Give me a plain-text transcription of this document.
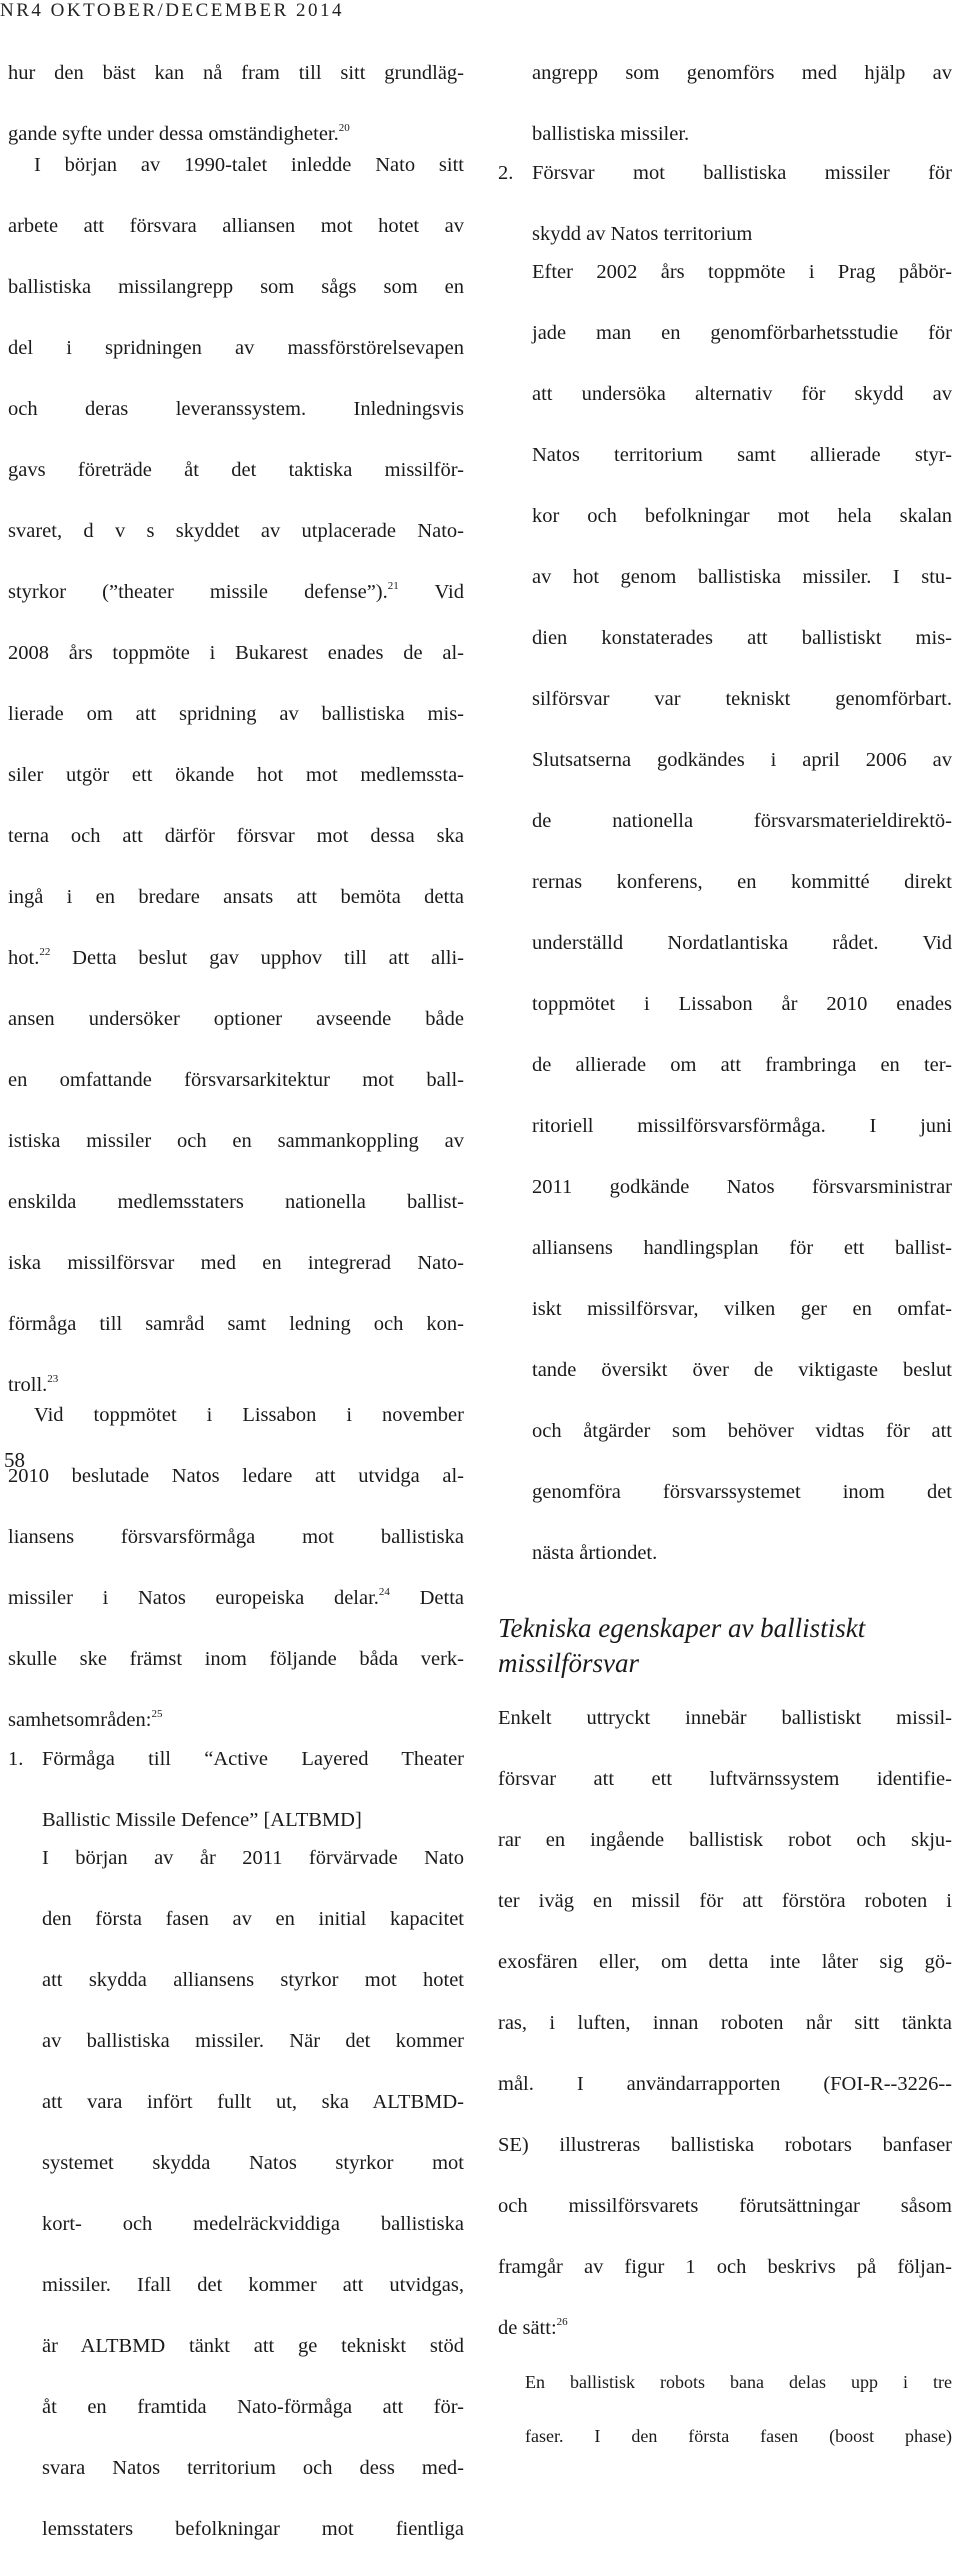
NR4 OKTOBER/DECEMBER 2014

hur den bäst kan nå fram till sitt grundläg-

gande syfte under dessa omständigheter.$^{20}$

I början av 1990-talet inledde Nato sitt

arbete att försvara alliansen mot hotet av

ballistiska missilangrepp som sågs som en

del i spridningen av massförstörelsevapen

och deras leveranssystem. Inledningsvis

gavs företräde åt det taktiska missilför-

svaret, d v s skyddet av utplacerade Nato-

styrkor (”theater missile defense”).$^{21}$ Vid

2008 års toppmöte i Bukarest enades de al-

lierade om att spridning av ballistiska mis-

siler utgör ett ökande hot mot medlemssta-

terna och att därför försvar mot dessa ska

ingå i en bredare ansats att bemöta detta

hot.$^{22}$ Detta beslut gav upphov till att alli-

ansen undersöker optioner avseende både

en omfattande försvarsarkitektur mot ball-

istiska missiler och en sammankoppling av

enskilda medlemsstaters nationella ballist-

iska missilförsvar med en integrerad Nato-

förmåga till samråd samt ledning och kon-

troll.$^{23}$

Vid toppmötet i Lissabon i november

2010 beslutade Natos ledare att utvidga al-

liansens försvarsförmåga mot ballistiska

missiler i Natos europeiska delar.$^{24}$ Detta

skulle ske främst inom följande båda verk-

samhetsområden:$^{25}$

1. Förmåga till “Active Layered Theater

Ballistic Missile Defence” [ALTBMD]

I början av år 2011 förvärvade Nato

den första fasen av en initial kapacitet

att skydda alliansens styrkor mot hotet

av ballistiska missiler. När det kommer

att vara infört fullt ut, ska ALTBMD-

systemet skydda Natos styrkor mot

kort- och medelräckviddiga ballistiska

missiler. Ifall det kommer att utvidgas,

är ALTBMD tänkt att ge tekniskt stöd

åt en framtida Nato-förmåga att för-

svara Natos territorium och dess med-

lemsstaters befolkningar mot fientliga

angrepp som genomförs med hjälp av

ballistiska missiler.

2. Försvar mot ballistiska missiler för

skydd av Natos territorium

Efter 2002 års toppmöte i Prag påbör-

jade man en genomförbarhetsstudie för

att undersöka alternativ för skydd av

Natos territorium samt allierade styr-

kor och befolkningar mot hela skalan

av hot genom ballistiska missiler. I stu-

dien konstaterades att ballistiskt mis-

silförsvar var tekniskt genomförbart.

Slutsatserna godkändes i april 2006 av

de nationella försvarsmaterieldirektö-

rernas konferens, en kommitté direkt

underställd Nordatlantiska rådet. Vid

toppmötet i Lissabon år 2010 enades

de allierade om att frambringa en ter-

ritoriell missilförsvarsförmåga. I juni

2011 godkände Natos försvarsministrar

alliansens handlingsplan för ett ballist-

iskt missilförsvar, vilken ger en omfat-

tande översikt över de viktigaste beslut

och åtgärder som behöver vidtas för att

genomföra försvarssystemet inom det

nästa årtiondet.

Tekniska egenskaper av ballistiskt
missilförsvar

Enkelt uttryckt innebär ballistiskt missil-

försvar att ett luftvärnssystem identifie-

rar en ingående ballistisk robot och skju-

ter iväg en missil för att förstöra roboten i

exosfären eller, om detta inte låter sig gö-

ras, i luften, innan roboten når sitt tänkta

mål. I användarrapporten (FOI-R--3226--

SE) illustreras ballistiska robotars banfaser

och missilförsvarets förutsättningar såsom

framgår av figur 1 och beskrivs på följan-

de sätt:$^{26}$

En ballistisk robots bana delas upp i tre

faser. I den första fasen (boost phase)

58
